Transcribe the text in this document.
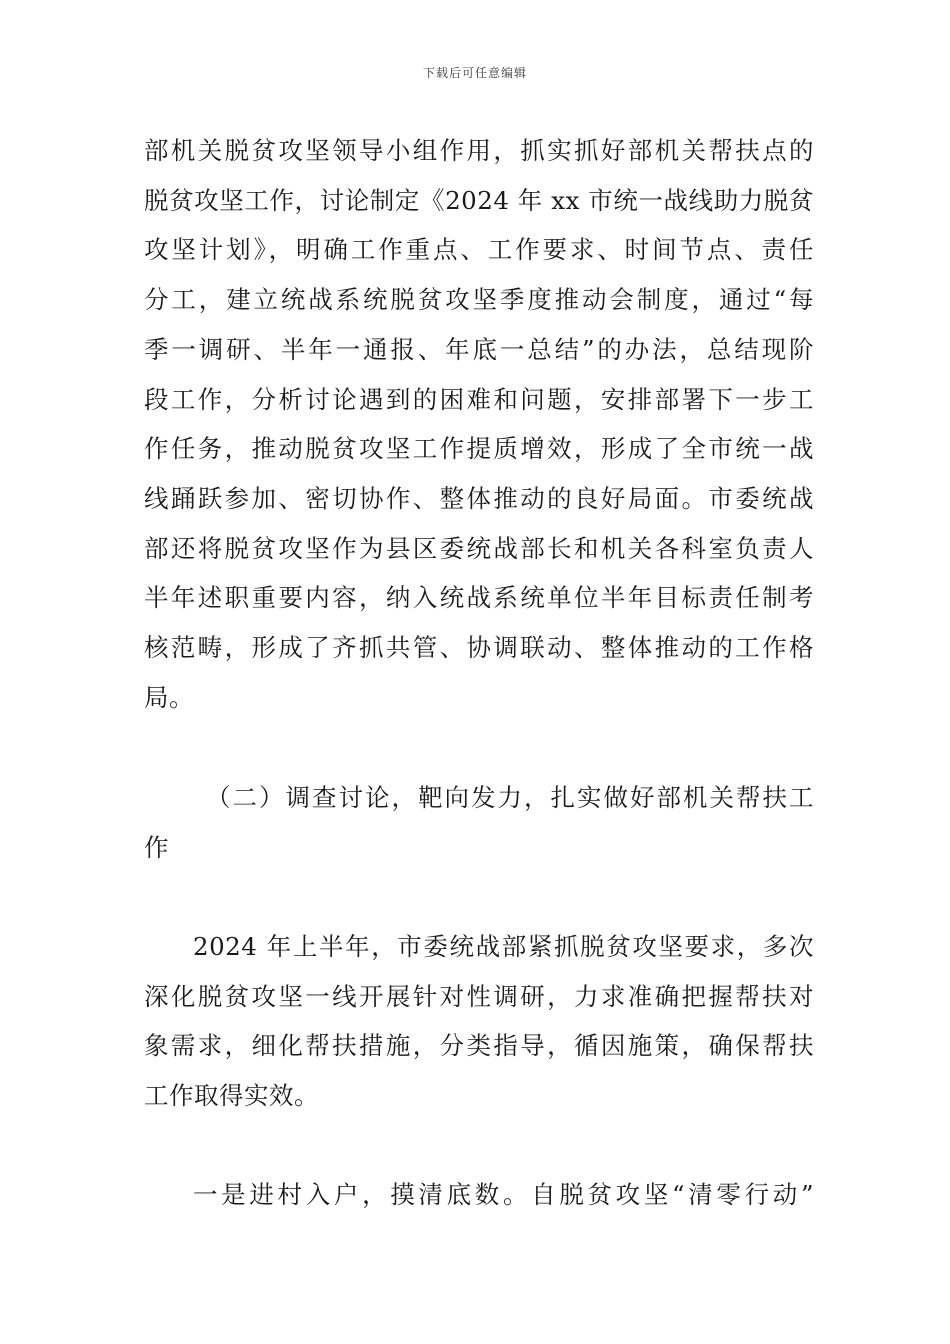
下载后可任意编辑
部机关脱贫攻坚领导小组作用，抓实抓好部机关帮扶点的
脱贫攻坚工作，讨论制定《2024 年 xx 市统一战线助力脱贫
攻坚计划》，明确工作重点、工作要求、时间节点、责任
分工，建立统战系统脱贫攻坚季度推动会制度，通过“每
季一调研、半年一通报、年底一总结”的办法，总结现阶
段工作，分析讨论遇到的困难和问题，安排部署下一步工
作任务，推动脱贫攻坚工作提质增效，形成了全市统一战
线踊跃参加、密切协作、整体推动的良好局面。市委统战
部还将脱贫攻坚作为县区委统战部长和机关各科室负责人
半年述职重要内容，纳入统战系统单位半年目标责任制考
核范畴，形成了齐抓共管、协调联动、整体推动的工作格
局。
（二）调查讨论，靶向发力，扎实做好部机关帮扶工
作
2024 年上半年，市委统战部紧抓脱贫攻坚要求，多次
深化脱贫攻坚一线开展针对性调研，力求准确把握帮扶对
象需求，细化帮扶措施，分类指导，循因施策，确保帮扶
工作取得实效。
一是进村入户，摸清底数。自脱贫攻坚“清零行动”
